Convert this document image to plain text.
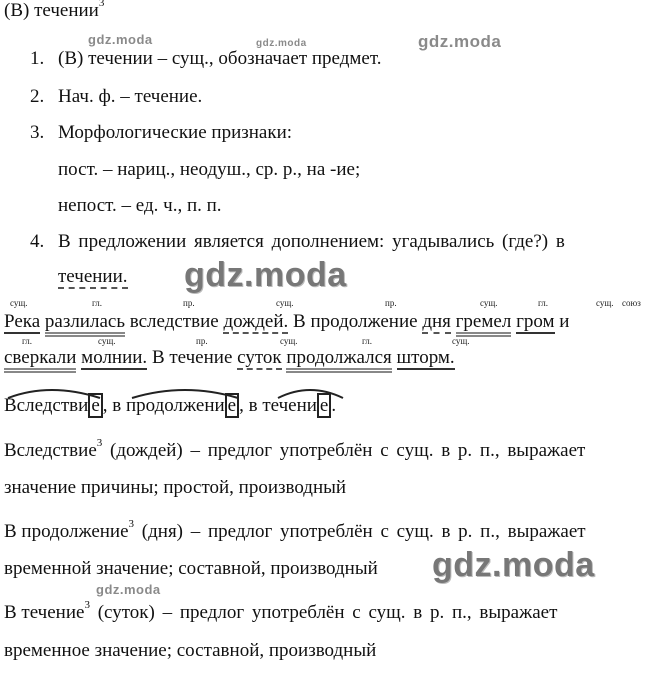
(В) течении$^3$
1. (В) течении – сущ., обозначает предмет.
2. Нач. ф. – течение.
3. Морфологические признаки:
пост. – нариц., неодуш., ср. р., на -ие;
непост. – ед. ч., п. п.
4. В предложении является дополнением: угадывались (где?) в
течении.
сущ.	гл.	пр.	сущ.	пр.	сущ.	гл.	сущ. союз
Река разлилась вследствие дождей. В продолжение дня гремел гром и
гл.	сущ.	пр.	сущ.	гл.	сущ.
сверкали молнии. В течение суток продолжался шторм.
Вследстви е , в продолжени е , в течени е .
Вследствие$^3$ (дождей) – предлог употреблён с сущ. в р. п., выражает
значение причины; простой, производный
В продолжение$^3$ (дня) – предлог употреблён с сущ. в р. п., выражает
временной значение; составной, производный
В течение$^3$ (суток) – предлог употреблён с сущ. в р. п., выражает
временное значение; составной, производный
gdz.moda	gdz.moda	gdz.moda
gdz.moda
gdz.moda
gdz.moda
